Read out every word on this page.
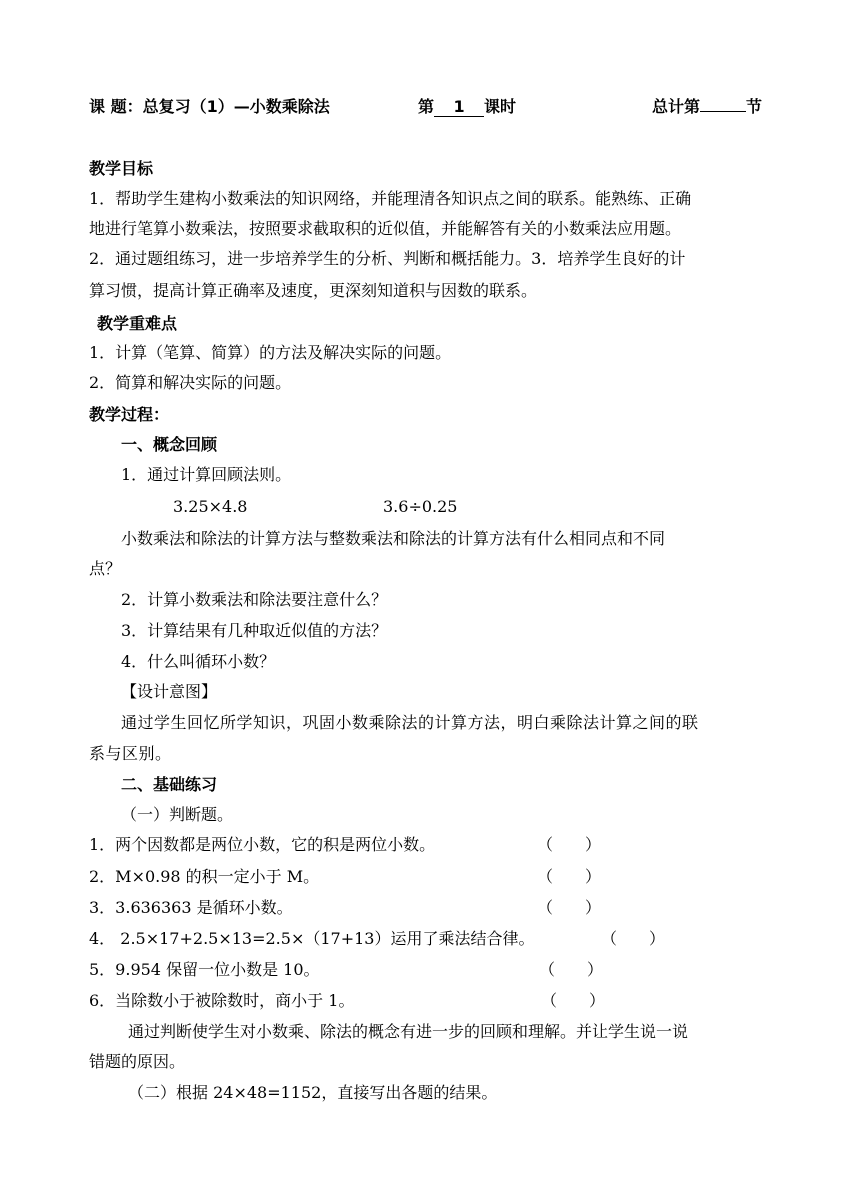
课 题：总复习（1）—小数乘除法	第 1 课时	总计第	节
教学目标
1．帮助学生建构小数乘法的知识网络，并能理清各知识点之间的联系。能熟练、正确
地进行笔算小数乘法，按照要求截取积的近似值，并能解答有关的小数乘法应用题。
2．通过题组练习，进一步培养学生的分析、判断和概括能力。3．培养学生良好的计
算习惯，提高计算正确率及速度，更深刻知道积与因数的联系。
教学重难点
1．计算（笔算、简算）的方法及解决实际的问题。
2．简算和解决实际的问题。
教学过程：
一、概念回顾
1．通过计算回顾法则。
3.25×4.8	3.6÷0.25
小数乘法和除法的计算方法与整数乘法和除法的计算方法有什么相同点和不同
点？
2．计算小数乘法和除法要注意什么？
3．计算结果有几种取近似值的方法？
4．什么叫循环小数？
【设计意图】
通过学生回忆所学知识，巩固小数乘除法的计算方法，明白乘除法计算之间的联
系与区别。
二、基础练习
（一）判断题。
1．两个因数都是两位小数，它的积是两位小数。	（　　）
2．M×0.98 的积一定小于 M。	（　　）
3．3.636363 是循环小数。	（　　）
4． 2.5×17+2.5×13=2.5×（17+13）运用了乘法结合律。	（　　）
5．9.954 保留一位小数是 10。	（　　）
6．当除数小于被除数时，商小于 1。	（　　）
通过判断使学生对小数乘、除法的概念有进一步的回顾和理解。并让学生说一说
错题的原因。
（二）根据 24×48=1152，直接写出各题的结果。
